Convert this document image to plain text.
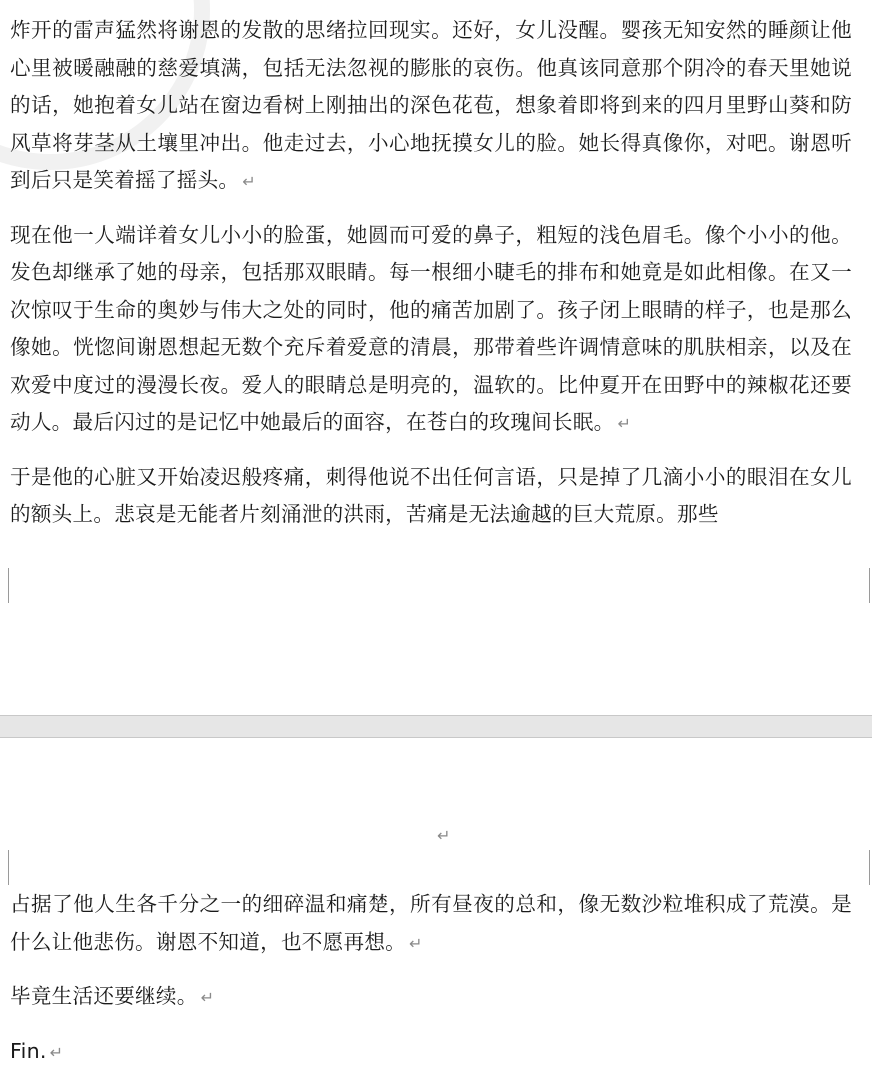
炸开的雷声猛然将谢恩的发散的思绪拉回现实。还好，女儿没醒。婴孩无知安然的睡颜让他心里被暖融融的慈爱填满，包括无法忽视的膨胀的哀伤。他真该同意那个阴冷的春天里她说的话，她抱着女儿站在窗边看树上刚抽出的深色花苞，想象着即将到来的四月里野山葵和防风草将芽茎从土壤里冲出。他走过去，小心地抚摸女儿的脸。她长得真像你，对吧。谢恩听到后只是笑着摇了摇头。 ↵

现在他一人端详着女儿小小的脸蛋，她圆而可爱的鼻子，粗短的浅色眉毛。像个小小的他。发色却继承了她的母亲，包括那双眼睛。每一根细小睫毛的排布和她竟是如此相像。在又一次惊叹于生命的奥妙与伟大之处的同时，他的痛苦加剧了。孩子闭上眼睛的样子，也是那么像她。恍惚间谢恩想起无数个充斥着爱意的清晨，那带着些许调情意味的肌肤相亲，以及在欢爱中度过的漫漫长夜。爱人的眼睛总是明亮的，温软的。比仲夏开在田野中的辣椒花还要动人。最后闪过的是记忆中她最后的面容，在苍白的玫瑰间长眠。 ↵

于是他的心脏又开始凌迟般疼痛，刺得他说不出任何言语，只是掉了几滴小小的眼泪在女儿的额头上。悲哀是无能者片刻涌泄的洪雨，苦痛是无法逾越的巨大荒原。那些

↵

占据了他人生各千分之一的细碎温和痛楚，所有昼夜的总和，像无数沙粒堆积成了荒漠。是什么让他悲伤。谢恩不知道，也不愿再想。 ↵

毕竟生活还要继续。 ↵

Fin. ↵
